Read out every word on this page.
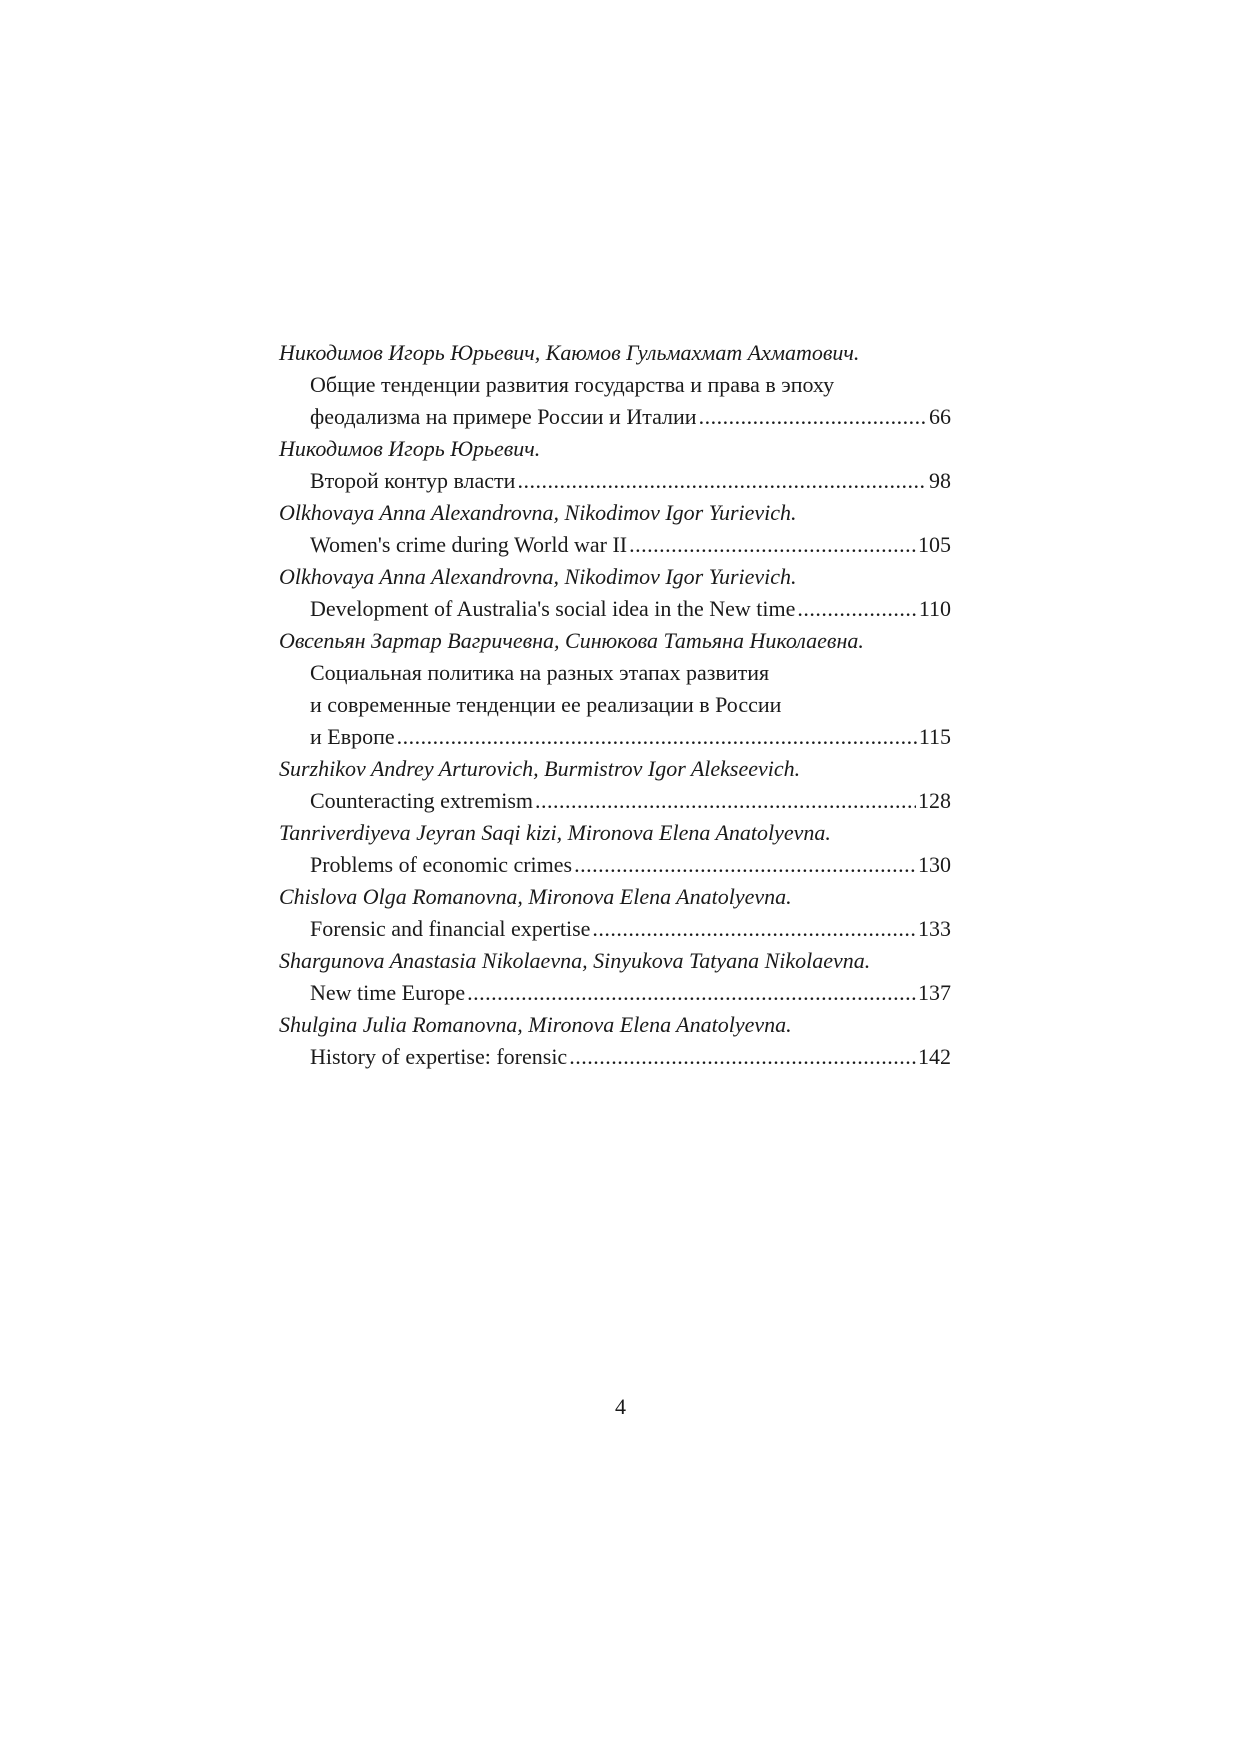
Никодимов Игорь Юрьевич, Каюмов Гульмахмат Ахматович.
Общие тенденции развития государства и права в эпоху
феодализма на примере России и Италии .....	66
Никодимов Игорь Юрьевич.
Второй контур власти .....	98
Olkhovaya Anna Alexandrovna, Nikodimov Igor Yurievich.
Women's crime during World war II .....	105
Olkhovaya Anna Alexandrovna, Nikodimov Igor Yurievich.
Development of Australia's social idea in the New time .....	110
Овсепьян Зартар Вагричевна, Синюкова Татьяна Николаевна.
Социальная политика на разных этапах развития
и современные тенденции ее реализации в России
и Европе .....	115
Surzhikov Andrey Arturovich, Burmistrov Igor Alekseevich.
Counteracting extremism .....	128
Tanriverdiyeva Jeyran Saqi kizi, Mironova Elena Anatolyevna.
Problems of economic crimes .....	130
Chislova Olga Romanovna, Mironova Elena Anatolyevna.
Forensic and financial expertise .....	133
Shargunova Anastasia Nikolaevna, Sinyukova Tatyana Nikolaevna.
New time Europe .....	137
Shulgina Julia Romanovna, Mironova Elena Anatolyevna.
History of expertise: forensic .....	142
4
